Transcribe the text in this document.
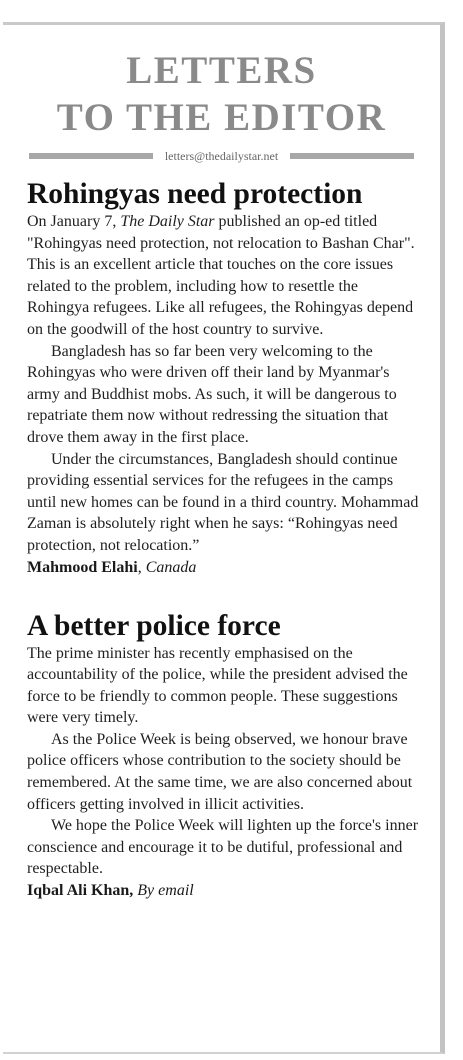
LETTERS
TO THE EDITOR
letters@thedailystar.net
Rohingyas need protection

On January 7, The Daily Star published an op-ed titled "Rohingyas need protection, not relocation to Bashan Char". This is an excellent article that touches on the core issues related to the problem, including how to resettle the Rohingya refugees. Like all refugees, the Rohingyas depend on the goodwill of the host country to survive.

Bangladesh has so far been very welcoming to the Rohingyas who were driven off their land by Myanmar's army and Buddhist mobs. As such, it will be dangerous to repatriate them now without redressing the situation that drove them away in the first place.

Under the circumstances, Bangladesh should continue providing essential services for the refugees in the camps until new homes can be found in a third country. Mohammad Zaman is absolutely right when he says: “Rohingyas need protection, not relocation.”

Mahmood Elahi, Canada
A better police force

The prime minister has recently emphasised on the accountability of the police, while the president advised the force to be friendly to common people. These suggestions were very timely.

As the Police Week is being observed, we honour brave police officers whose contribution to the society should be remembered. At the same time, we are also concerned about officers getting involved in illicit activities.

We hope the Police Week will lighten up the force's inner conscience and encourage it to be dutiful, professional and respectable.

Iqbal Ali Khan, By email
